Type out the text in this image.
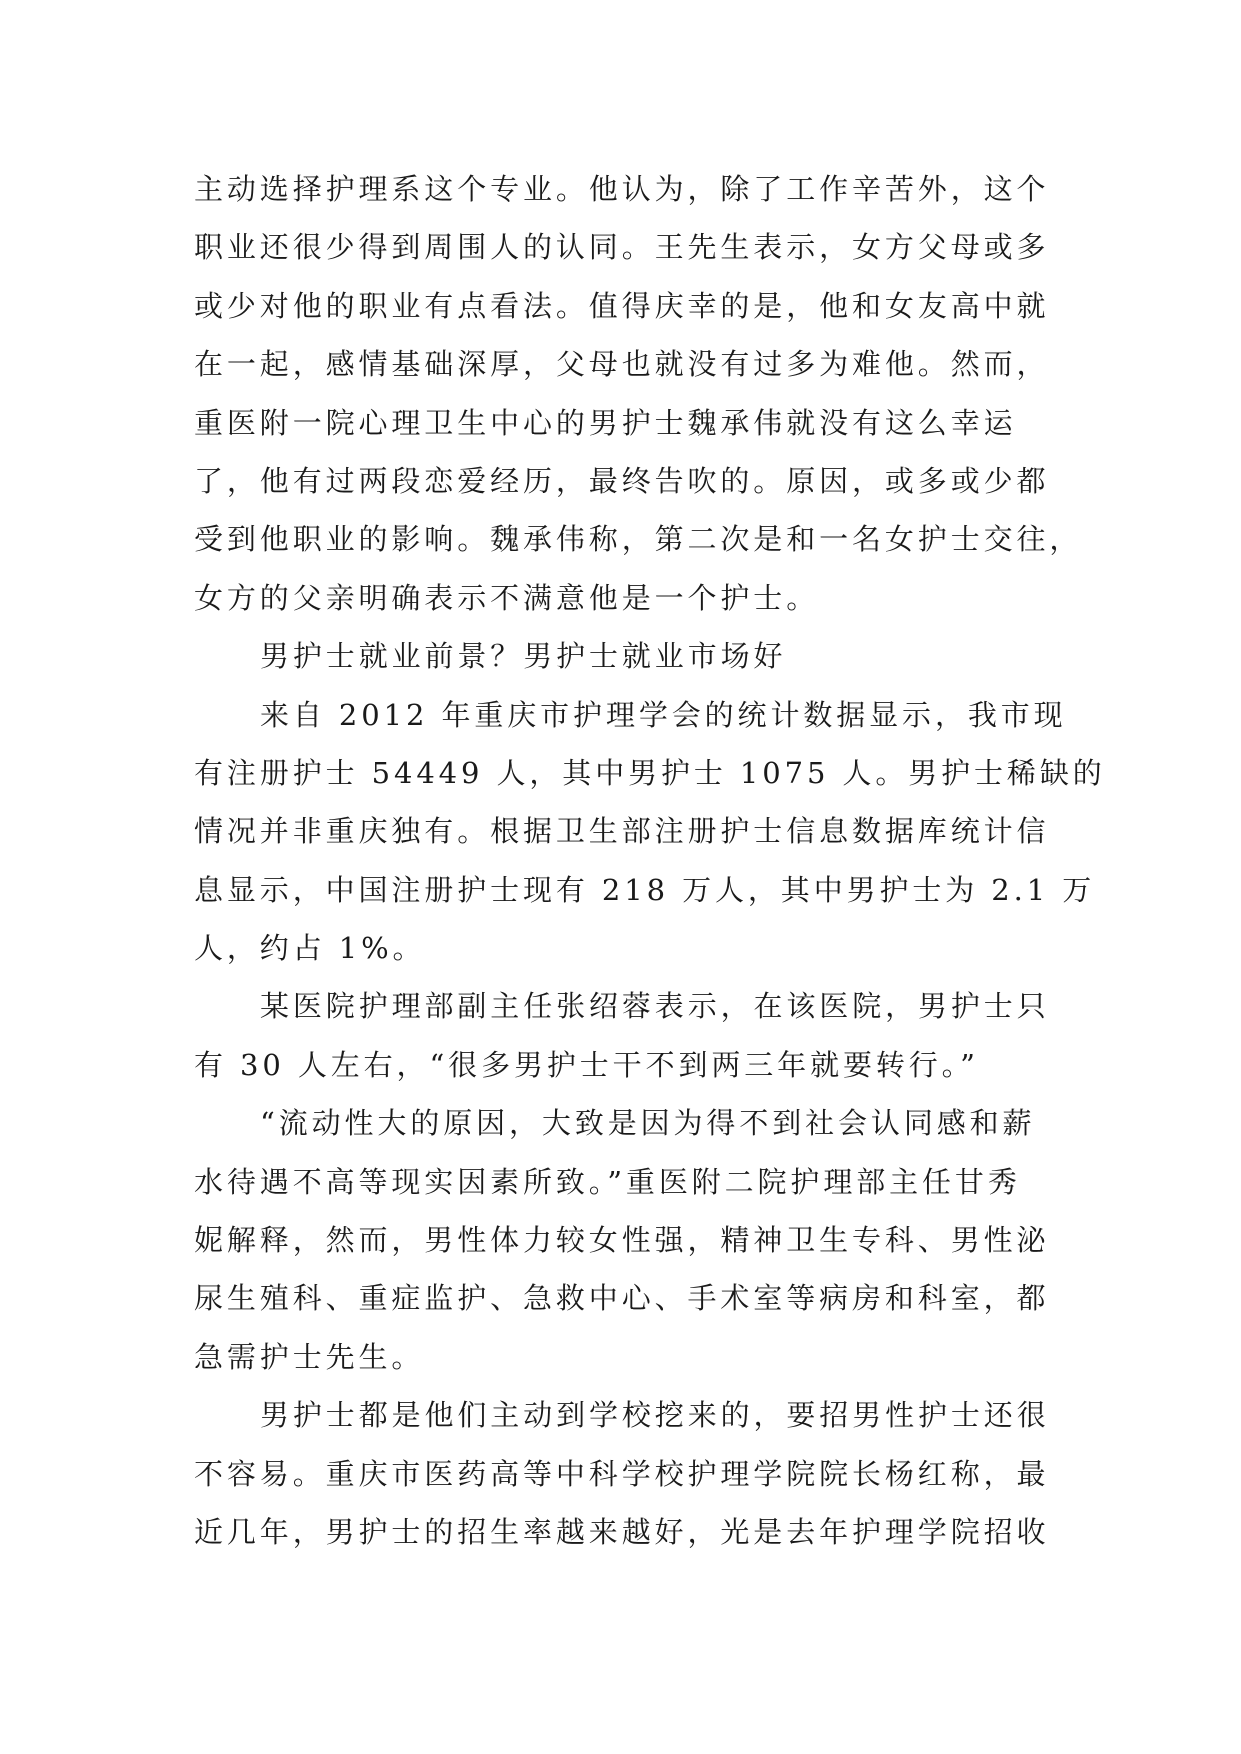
主动选择护理系这个专业。他认为，除了工作辛苦外，这个
职业还很少得到周围人的认同。王先生表示，女方父母或多
或少对他的职业有点看法。值得庆幸的是，他和女友高中就
在一起，感情基础深厚，父母也就没有过多为难他。然而，
重医附一院心理卫生中心的男护士魏承伟就没有这么幸运
了，他有过两段恋爱经历，最终告吹的。原因，或多或少都
受到他职业的影响。魏承伟称，第二次是和一名女护士交往，
女方的父亲明确表示不满意他是一个护士。
男护士就业前景？男护士就业市场好
来自 2012 年重庆市护理学会的统计数据显示，我市现
有注册护士 54449 人，其中男护士 1075 人。男护士稀缺的
情况并非重庆独有。根据卫生部注册护士信息数据库统计信
息显示，中国注册护士现有 218 万人，其中男护士为 2.1 万
人，约占 1%。
某医院护理部副主任张绍蓉表示，在该医院，男护士只
有 30 人左右，“很多男护士干不到两三年就要转行。”
“流动性大的原因，大致是因为得不到社会认同感和薪
水待遇不高等现实因素所致。”重医附二院护理部主任甘秀
妮解释，然而，男性体力较女性强，精神卫生专科、男性泌
尿生殖科、重症监护、急救中心、手术室等病房和科室，都
急需护士先生。
男护士都是他们主动到学校挖来的，要招男性护士还很
不容易。重庆市医药高等中科学校护理学院院长杨红称，最
近几年，男护士的招生率越来越好，光是去年护理学院招收
